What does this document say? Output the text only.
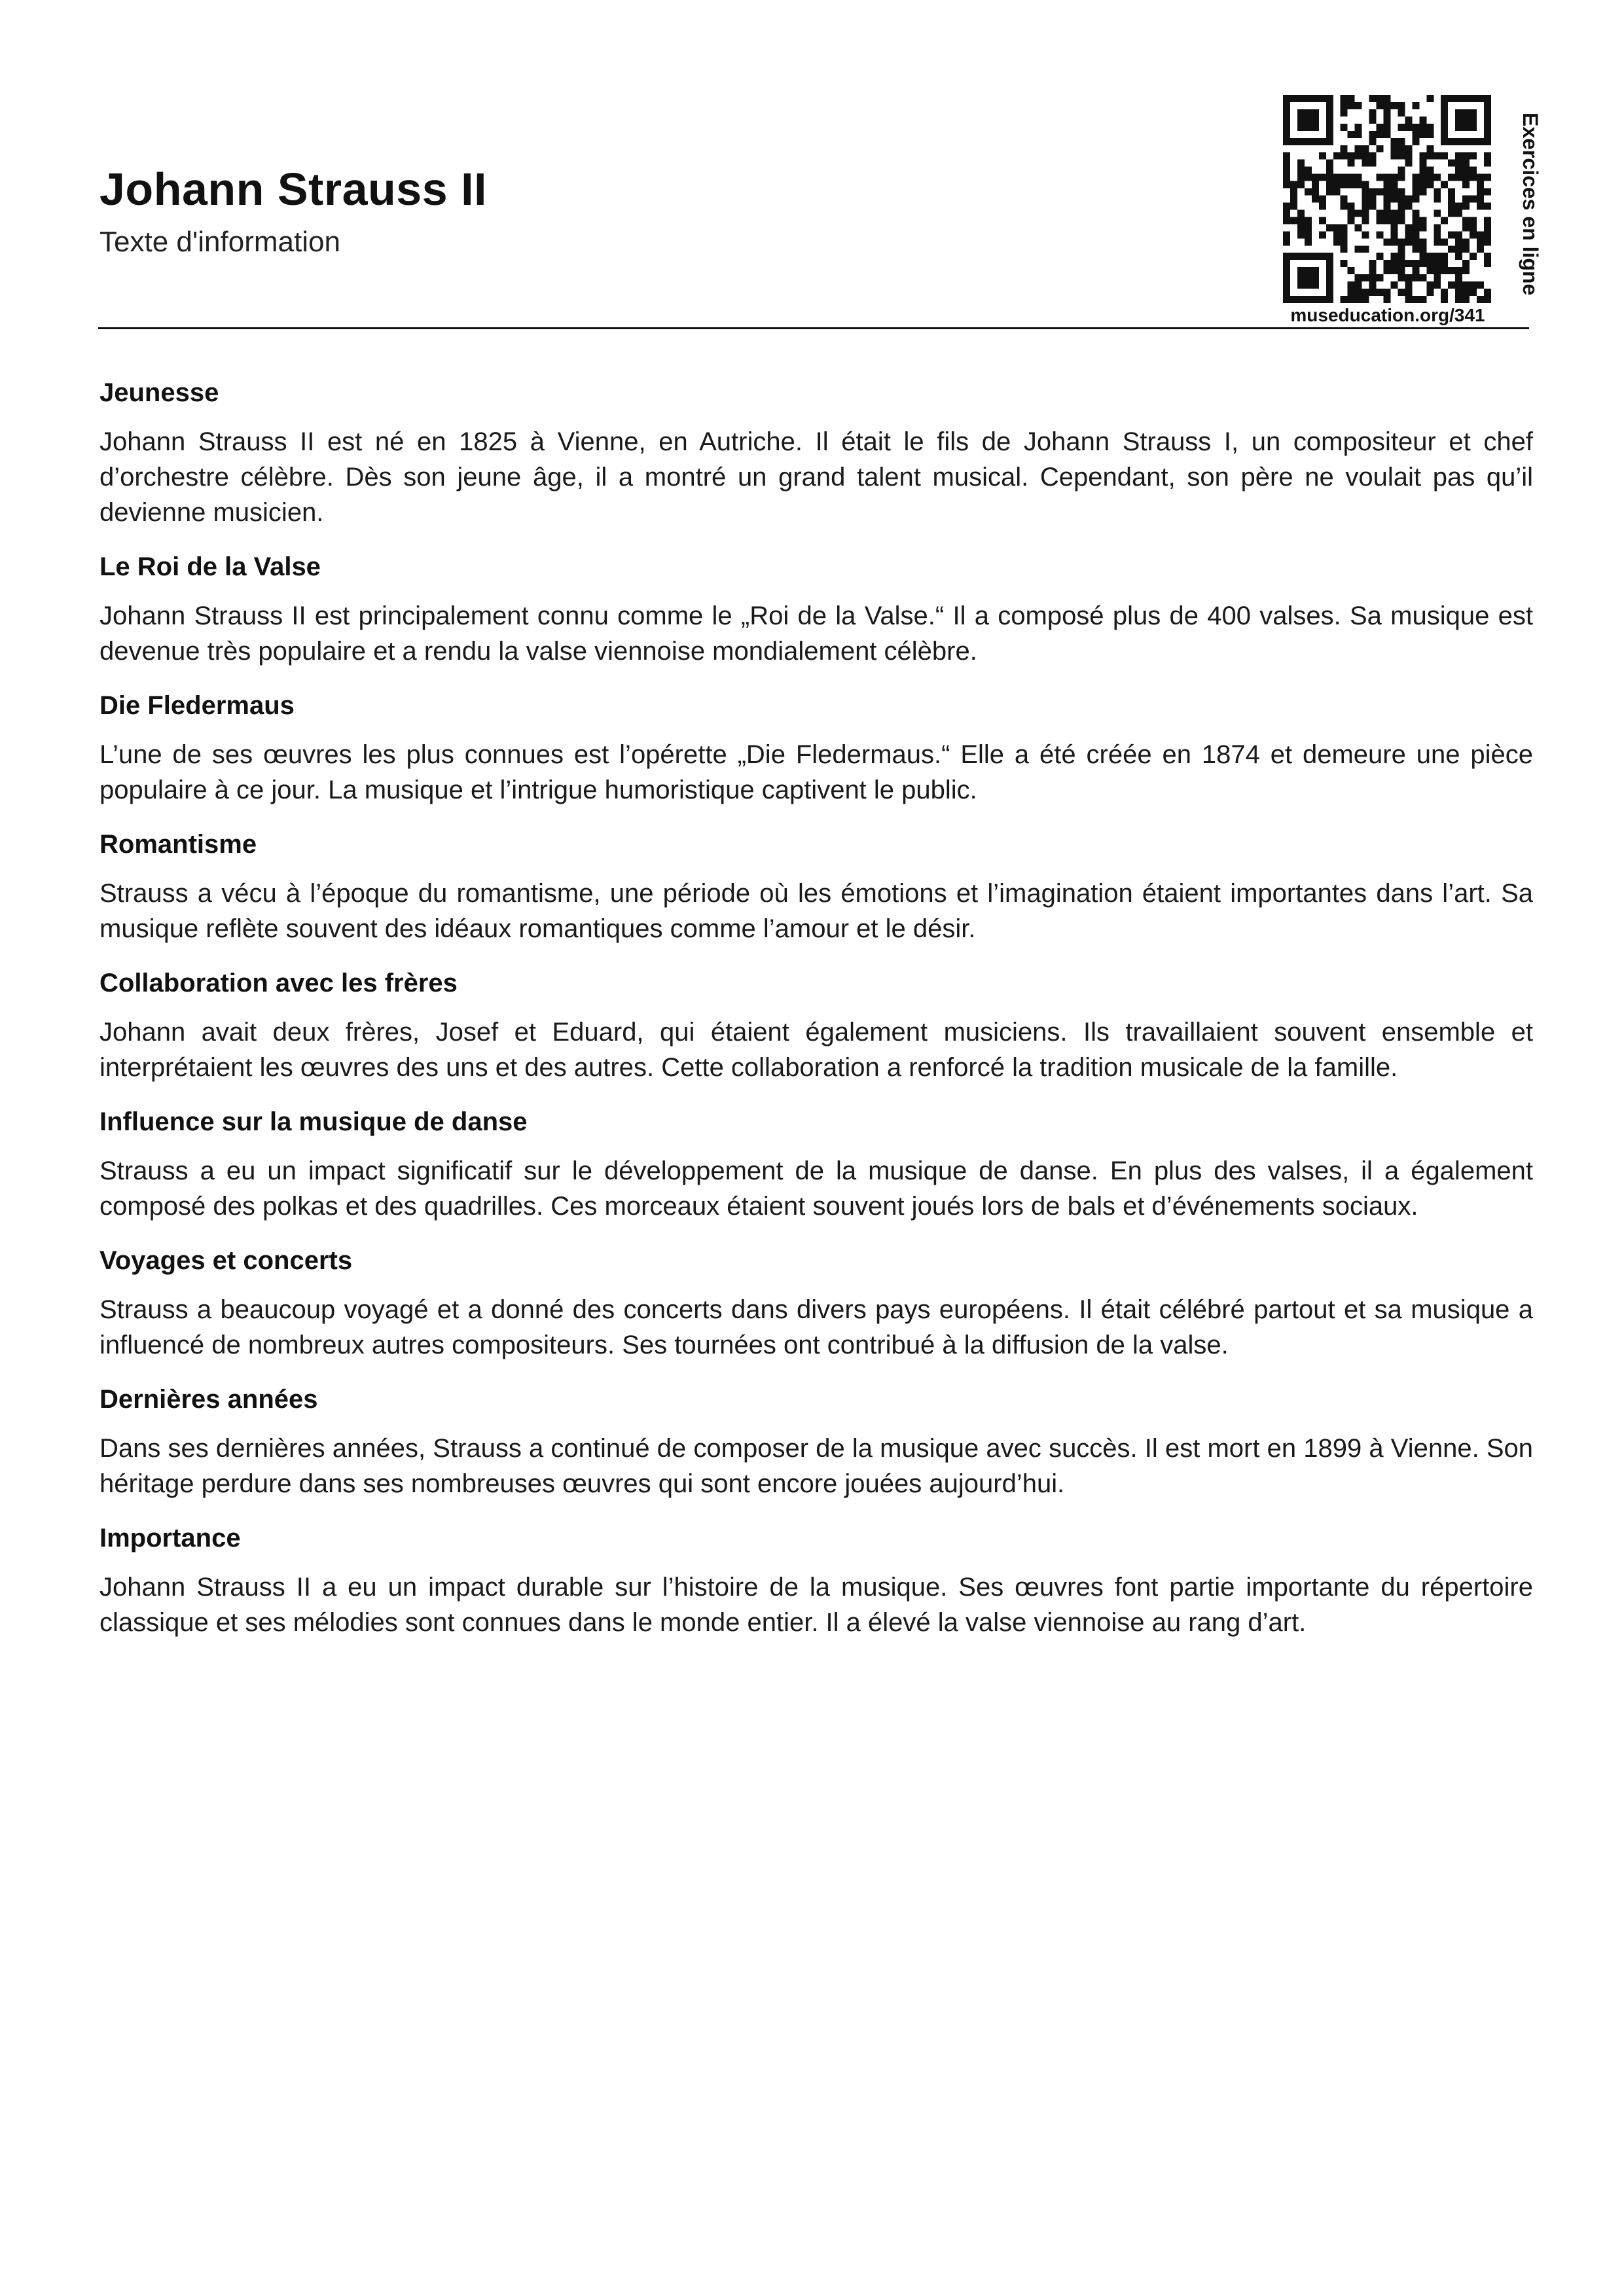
Johann Strauss II
Texte d'information
museducation.org/341
Exercices en ligne
Jeunesse

Johann Strauss II est né en 1825 à Vienne, en Autriche. Il était le fils de Johann Strauss I, un compositeur et chef d’orchestre célèbre. Dès son jeune âge, il a montré un grand talent musical. Cependant, son père ne voulait pas qu’il devienne musicien.

Le Roi de la Valse

Johann Strauss II est principalement connu comme le „Roi de la Valse.“ Il a composé plus de 400 valses. Sa musique est devenue très populaire et a rendu la valse viennoise mondialement célèbre.

Die Fledermaus

L’une de ses œuvres les plus connues est l’opérette „Die Fledermaus.“ Elle a été créée en 1874 et demeure une pièce populaire à ce jour. La musique et l’intrigue humoristique captivent le public.

Romantisme

Strauss a vécu à l’époque du romantisme, une période où les émotions et l’imagination étaient importantes dans l’art. Sa musique reflète souvent des idéaux romantiques comme l’amour et le désir.

Collaboration avec les frères

Johann avait deux frères, Josef et Eduard, qui étaient également musiciens. Ils travaillaient souvent ensemble et interprétaient les œuvres des uns et des autres. Cette collaboration a renforcé la tradition musicale de la famille.

Influence sur la musique de danse

Strauss a eu un impact significatif sur le développement de la musique de danse. En plus des valses, il a également composé des polkas et des quadrilles. Ces morceaux étaient souvent joués lors de bals et d’événements sociaux.

Voyages et concerts

Strauss a beaucoup voyagé et a donné des concerts dans divers pays européens. Il était célébré partout et sa musique a influencé de nombreux autres compositeurs. Ses tournées ont contribué à la diffusion de la valse.

Dernières années

Dans ses dernières années, Strauss a continué de composer de la musique avec succès. Il est mort en 1899 à Vienne. Son héritage perdure dans ses nombreuses œuvres qui sont encore jouées aujourd’hui.

Importance

Johann Strauss II a eu un impact durable sur l’histoire de la musique. Ses œuvres font partie importante du répertoire classique et ses mélodies sont connues dans le monde entier. Il a élevé la valse viennoise au rang d’art.
